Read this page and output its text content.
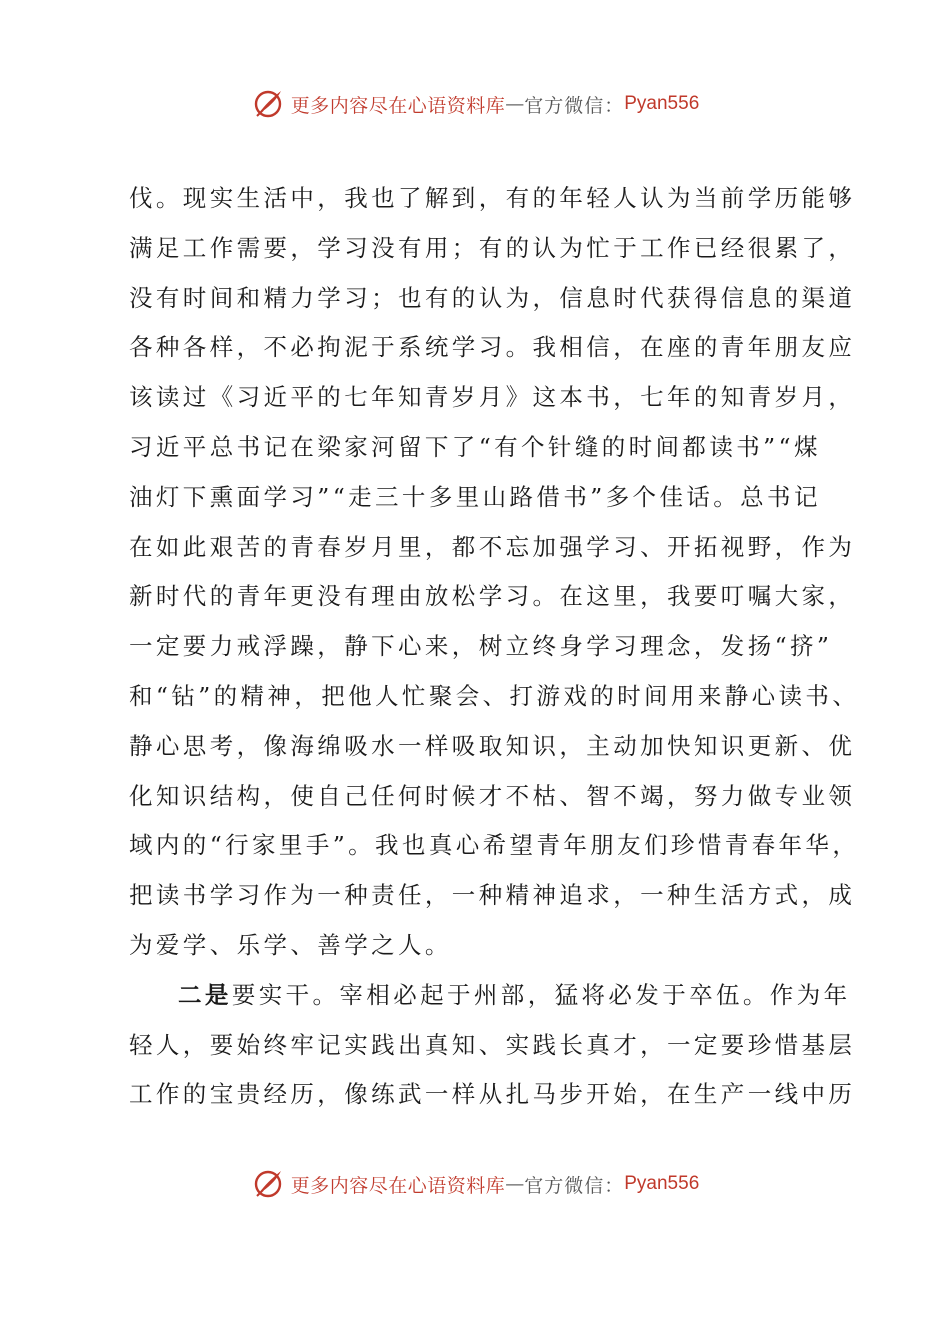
更多内容尽在心语资料库 — 官方微信： Pyan556
伐。现实生活中，我也了解到，有的年轻人认为当前学历能够
满足工作需要，学习没有用；有的认为忙于工作已经很累了，
没有时间和精力学习；也有的认为，信息时代获得信息的渠道
各种各样，不必拘泥于系统学习。我相信，在座的青年朋友应
该读过《习近平的七年知青岁月》这本书，七年的知青岁月，
习近平总书记在梁家河留下了“有个针缝的时间都读书”“煤
油灯下熏面学习”“走三十多里山路借书”多个佳话。总书记
在如此艰苦的青春岁月里，都不忘加强学习、开拓视野，作为
新时代的青年更没有理由放松学习。在这里，我要叮嘱大家，
一定要力戒浮躁，静下心来，树立终身学习理念，发扬“挤”
和“钻”的精神，把他人忙聚会、打游戏的时间用来静心读书、
静心思考，像海绵吸水一样吸取知识，主动加快知识更新、优
化知识结构，使自己任何时候才不枯、智不竭，努力做专业领
域内的“行家里手”。我也真心希望青年朋友们珍惜青春年华，
把读书学习作为一种责任，一种精神追求，一种生活方式，成
为爱学、乐学、善学之人。
二是要实干。宰相必起于州部，猛将必发于卒伍。作为年
轻人，要始终牢记实践出真知、实践长真才，一定要珍惜基层
工作的宝贵经历，像练武一样从扎马步开始，在生产一线中历
更多内容尽在心语资料库 — 官方微信： Pyan556
